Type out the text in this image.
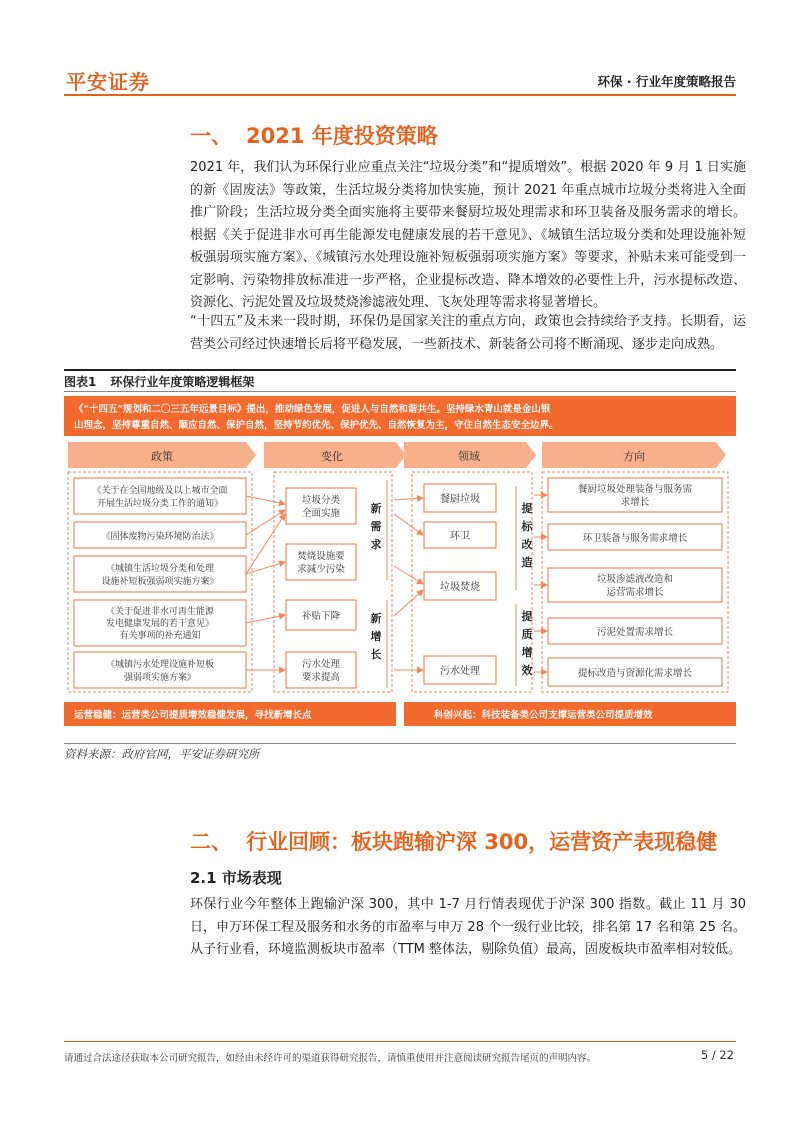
平安证券	环保 · 行业年度策略报告
一、 2021 年度投资策略
2021 年，我们认为环保行业应重点关注“垃圾分类”和“提质增效”。根据 2020 年 9 月 1 日实施的新《固废法》等政策，生活垃圾分类将加快实施，预计 2021 年重点城市垃圾分类将进入全面推广阶段；生活垃圾分类全面实施将主要带来餐厨垃圾处理需求和环卫装备及服务需求的增长。根据《关于促进非水可再生能源发电健康发展的若干意见》、《城镇生活垃圾分类和处理设施补短板强弱项实施方案》、《城镇污水处理设施补短板强弱项实施方案》等要求，补贴未来可能受到一定影响、污染物排放标准进一步严格，企业提标改造、降本增效的必要性上升，污水提标改造、资源化、污泥处置及垃圾焚烧渗滤液处理、飞灰处理等需求将显著增长。
“十四五”及未来一段时期，环保仍是国家关注的重点方向，政策也会持续给予支持。长期看，运营类公司经过快速增长后将平稳发展，一些新技术、新装备公司将不断涌现、逐步走向成熟。
图表1 环保行业年度策略逻辑框架
《“十四五”规划和二〇三五年远景目标》提出，推动绿色发展，促进人与自然和谐共生。坚持绿水青山就是金山银
山理念，坚持尊重自然、顺应自然、保护自然，坚持节约优先、保护优先、自然恢复为主，守住自然生态安全边界。
政策	变化	领域	方向
《关于在全国地级及以上城市全面
开展生活垃圾分类工作的通知》
《固体废物污染环境防治法》
《城镇生活垃圾分类和处理
设施补短板强弱项实施方案》
《关于促进非水可再生能源
发电健康发展的若干意见》
有关事项的补充通知
《城镇污水处理设施补短板
强弱项实施方案》
垃圾分类
全面实施
焚烧设施要
求减少污染
补贴下降
污水处理
要求提高
新
需
求
新
增
长
餐厨垃圾
环卫
垃圾焚烧
污水处理
提
标
改
造
提
质
增
效
餐厨垃圾处理装备与服务需
求增长
环卫装备与服务需求增长
垃圾渗滤液改造和
运营需求增长
污泥处置需求增长
提标改造与资源化需求增长
运营稳健：运营类公司提质增效稳健发展，寻找新增长点	科创兴起：科技装备类公司支撑运营类公司提质增效
资料来源：政府官网，平安证券研究所
二、 行业回顾：板块跑输沪深 300，运营资产表现稳健
2.1 市场表现
环保行业今年整体上跑输沪深 300，其中 1-7 月行情表现优于沪深 300 指数。截止 11 月 30 日，申万环保工程及服务和水务的市盈率与申万 28 个一级行业比较，排名第 17 名和第 25 名。从子行业看，环境监测板块市盈率（TTM 整体法，剔除负值）最高，固废板块市盈率相对较低。
请通过合法途径获取本公司研究报告，如经由未经许可的渠道获得研究报告，请慎重使用并注意阅读研究报告尾页的声明内容。	5 / 22
